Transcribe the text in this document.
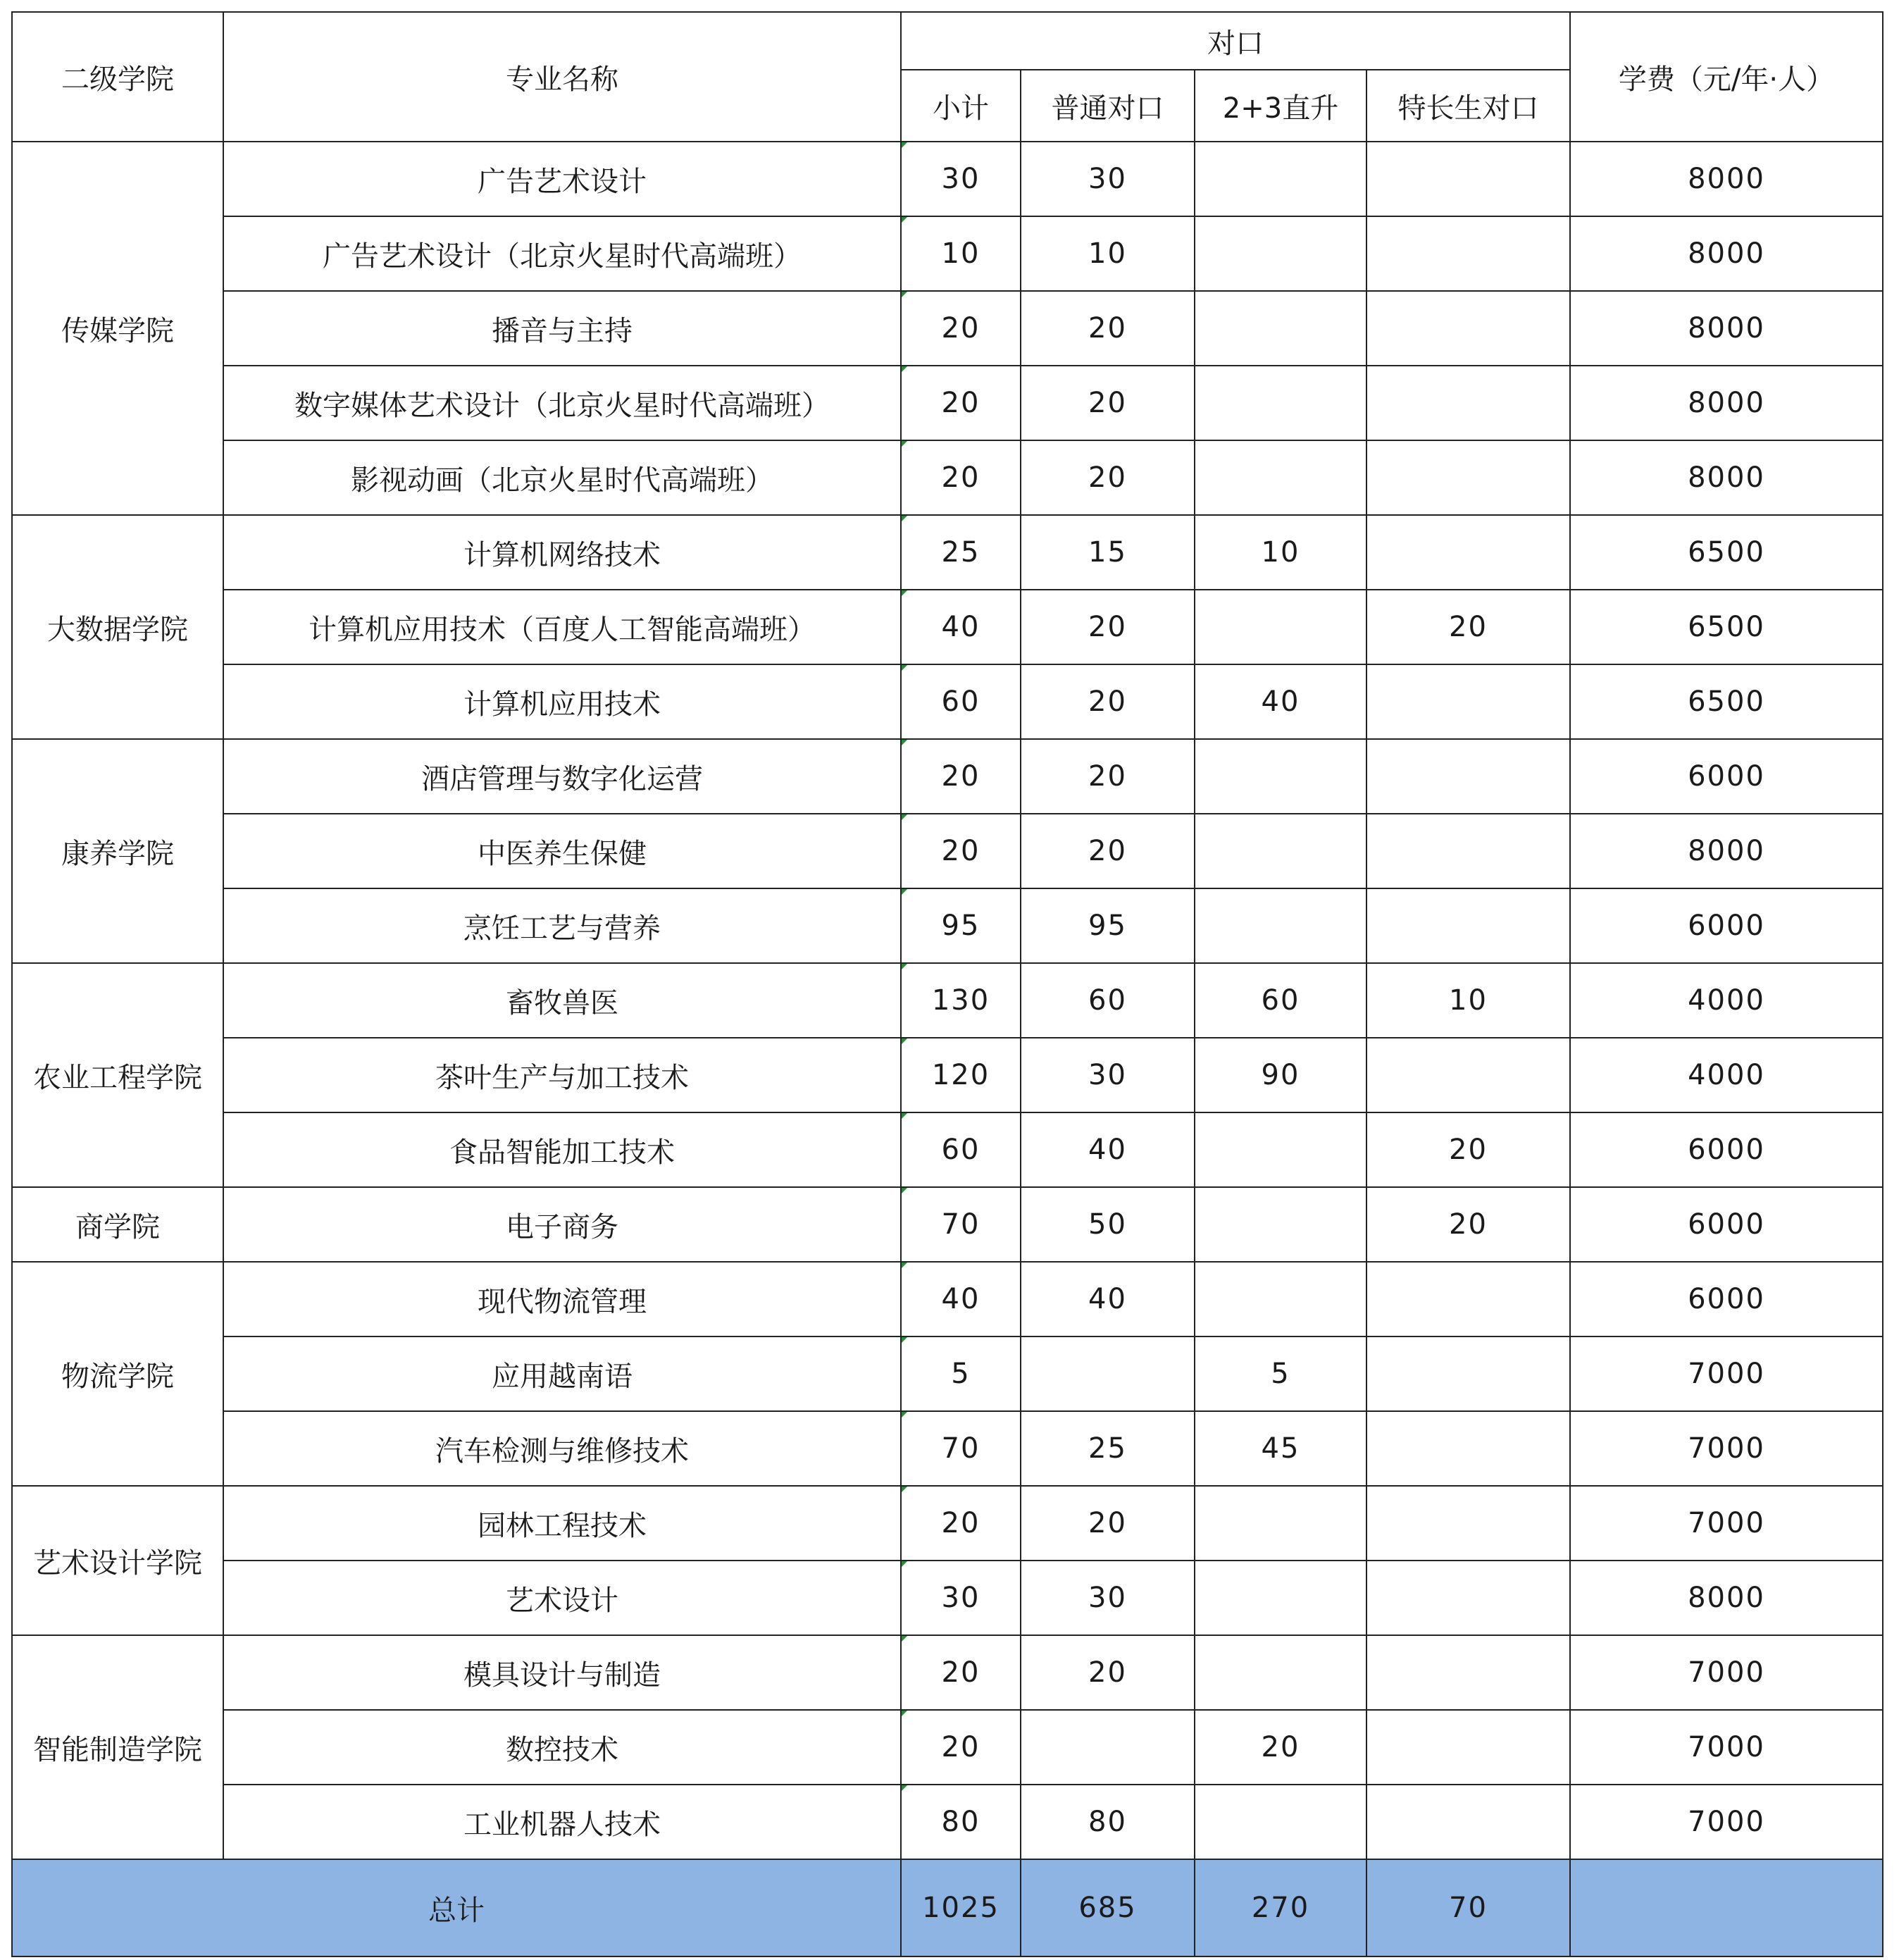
二级学院	专业名称	对口				学费（元/年·人）
		小计	普通对口	2+3直升	特长生对口	
传媒学院	广告艺术设计	30	30			8000
	广告艺术设计（北京火星时代高端班）	10	10			8000
	播音与主持	20	20			8000
	数字媒体艺术设计（北京火星时代高端班）	20	20			8000
	影视动画（北京火星时代高端班）	20	20			8000
大数据学院	计算机网络技术	25	15	10		6500
	计算机应用技术（百度人工智能高端班）	40	20		20	6500
	计算机应用技术	60	20	40		6500
康养学院	酒店管理与数字化运营	20	20			6000
	中医养生保健	20	20			8000
	烹饪工艺与营养	95	95			6000
农业工程学院	畜牧兽医	130	60	60	10	4000
	茶叶生产与加工技术	120	30	90		4000
	食品智能加工技术	60	40		20	6000
商学院	电子商务	70	50		20	6000
物流学院	现代物流管理	40	40			6000
	应用越南语	5		5		7000
	汽车检测与维修技术	70	25	45		7000
艺术设计学院	园林工程技术	20	20			7000
	艺术设计	30	30			8000
智能制造学院	模具设计与制造	20	20			7000
	数控技术	20		20		7000
	工业机器人技术	80	80			7000
总计		1025	685	270	70	
